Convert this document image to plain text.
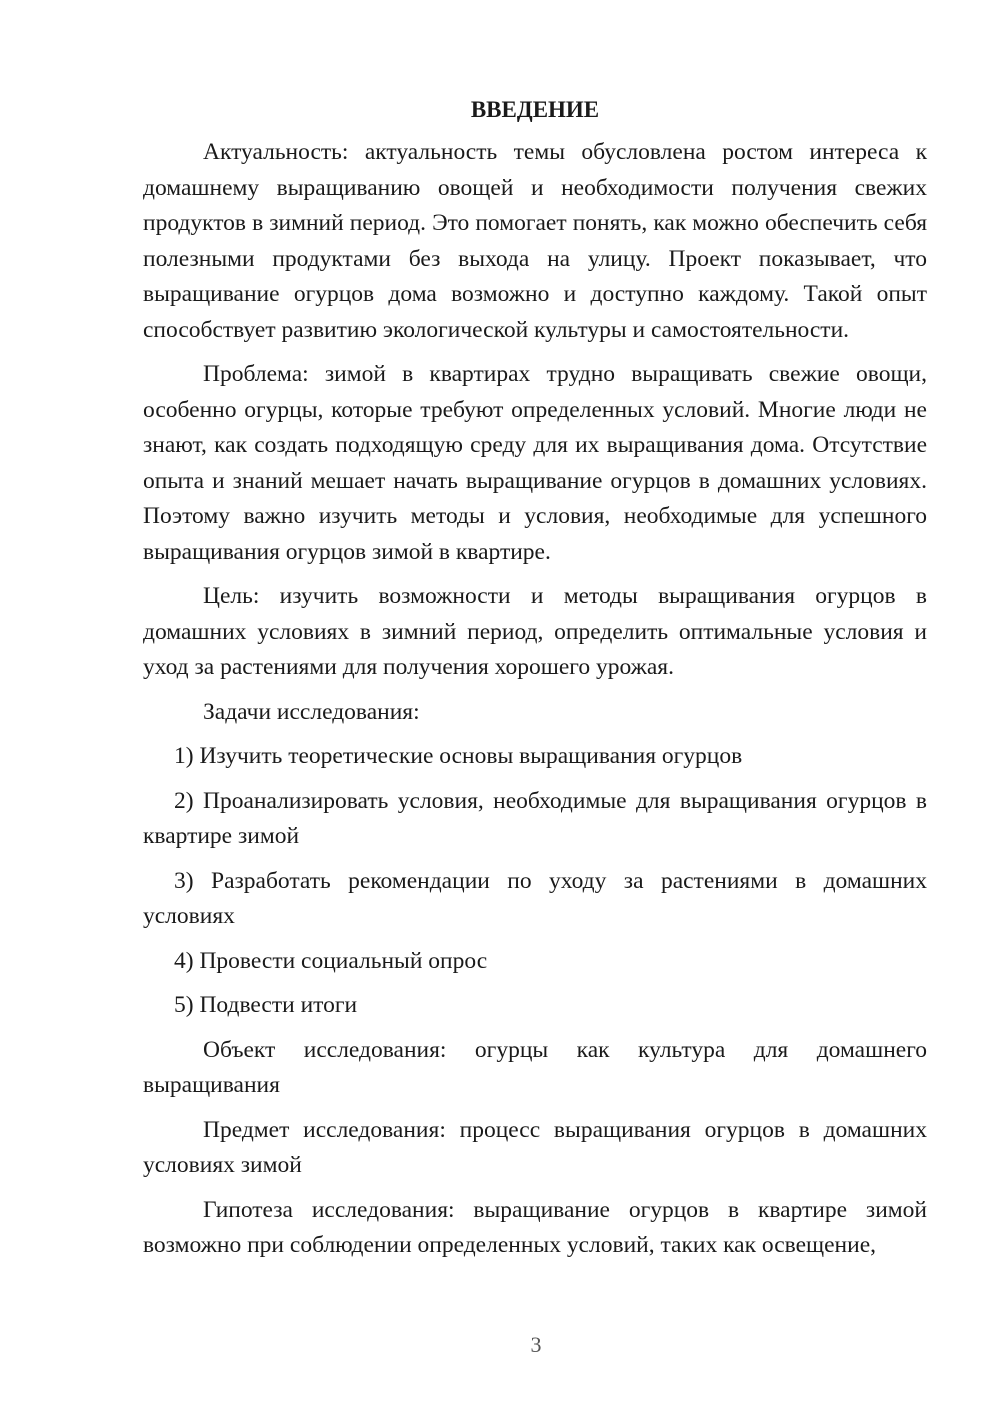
ВВЕДЕНИЕ

Актуальность: актуальность темы обусловлена ростом интереса к домашнему выращиванию овощей и необходимости получения свежих продуктов в зимний период. Это помогает понять, как можно обеспечить себя полезными продуктами без выхода на улицу. Проект показывает, что выращивание огурцов дома возможно и доступно каждому. Такой опыт способствует развитию экологической культуры и самостоятельности.

Проблема: зимой в квартирах трудно выращивать свежие овощи, особенно огурцы, которые требуют определенных условий. Многие люди не знают, как создать подходящую среду для их выращивания дома. Отсутствие опыта и знаний мешает начать выращивание огурцов в домашних условиях. Поэтому важно изучить методы и условия, необходимые для успешного выращивания огурцов зимой в квартире.

Цель: изучить возможности и методы выращивания огурцов в домашних условиях в зимний период, определить оптимальные условия и уход за растениями для получения хорошего урожая.

Задачи исследования:

1) Изучить теоретические основы выращивания огурцов

2) Проанализировать условия, необходимые для выращивания огурцов в квартире зимой

3) Разработать рекомендации по уходу за растениями в домашних условиях

4) Провести социальный опрос

5) Подвести итоги

Объект исследования: огурцы как культура для домашнего выращивания

Предмет исследования: процесс выращивания огурцов в домашних условиях зимой

Гипотеза исследования: выращивание огурцов в квартире зимой возможно при соблюдении определенных условий, таких как освещение,

3
